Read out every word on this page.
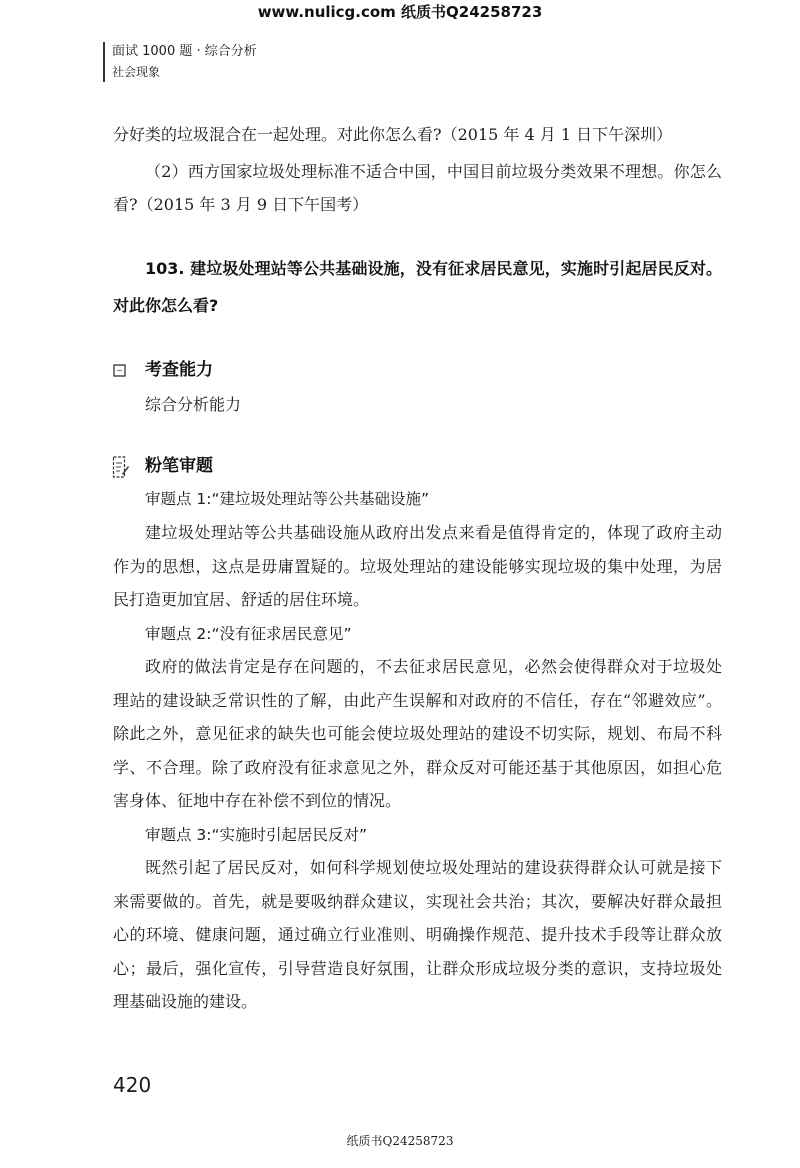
www.nulicg.com 纸质书Q24258723
面试 1000 题 · 综合分析
社会现象
分好类的垃圾混合在一起处理。对此你怎么看?（2015 年 4 月 1 日下午深圳）
（2）西方国家垃圾处理标准不适合中国，中国目前垃圾分类效果不理想。你怎么
看?（2015 年 3 月 9 日下午国考）
103. 建垃圾处理站等公共基础设施，没有征求居民意见，实施时引起居民反对。
对此你怎么看?
考查能力
综合分析能力
粉笔审题
审题点 1:“建垃圾处理站等公共基础设施”
建垃圾处理站等公共基础设施从政府出发点来看是值得肯定的，体现了政府主动
作为的思想，这点是毋庸置疑的。垃圾处理站的建设能够实现垃圾的集中处理，为居
民打造更加宜居、舒适的居住环境。
审题点 2:“没有征求居民意见”
政府的做法肯定是存在问题的，不去征求居民意见，必然会使得群众对于垃圾处
理站的建设缺乏常识性的了解，由此产生误解和对政府的不信任，存在“邻避效应”。
除此之外，意见征求的缺失也可能会使垃圾处理站的建设不切实际，规划、布局不科
学、不合理。除了政府没有征求意见之外，群众反对可能还基于其他原因，如担心危
害身体、征地中存在补偿不到位的情况。
审题点 3:“实施时引起居民反对”
既然引起了居民反对，如何科学规划使垃圾处理站的建设获得群众认可就是接下
来需要做的。首先，就是要吸纳群众建议，实现社会共治；其次，要解决好群众最担
心的环境、健康问题，通过确立行业准则、明确操作规范、提升技术手段等让群众放
心；最后，强化宣传，引导营造良好氛围，让群众形成垃圾分类的意识，支持垃圾处
理基础设施的建设。
420
纸质书Q24258723
